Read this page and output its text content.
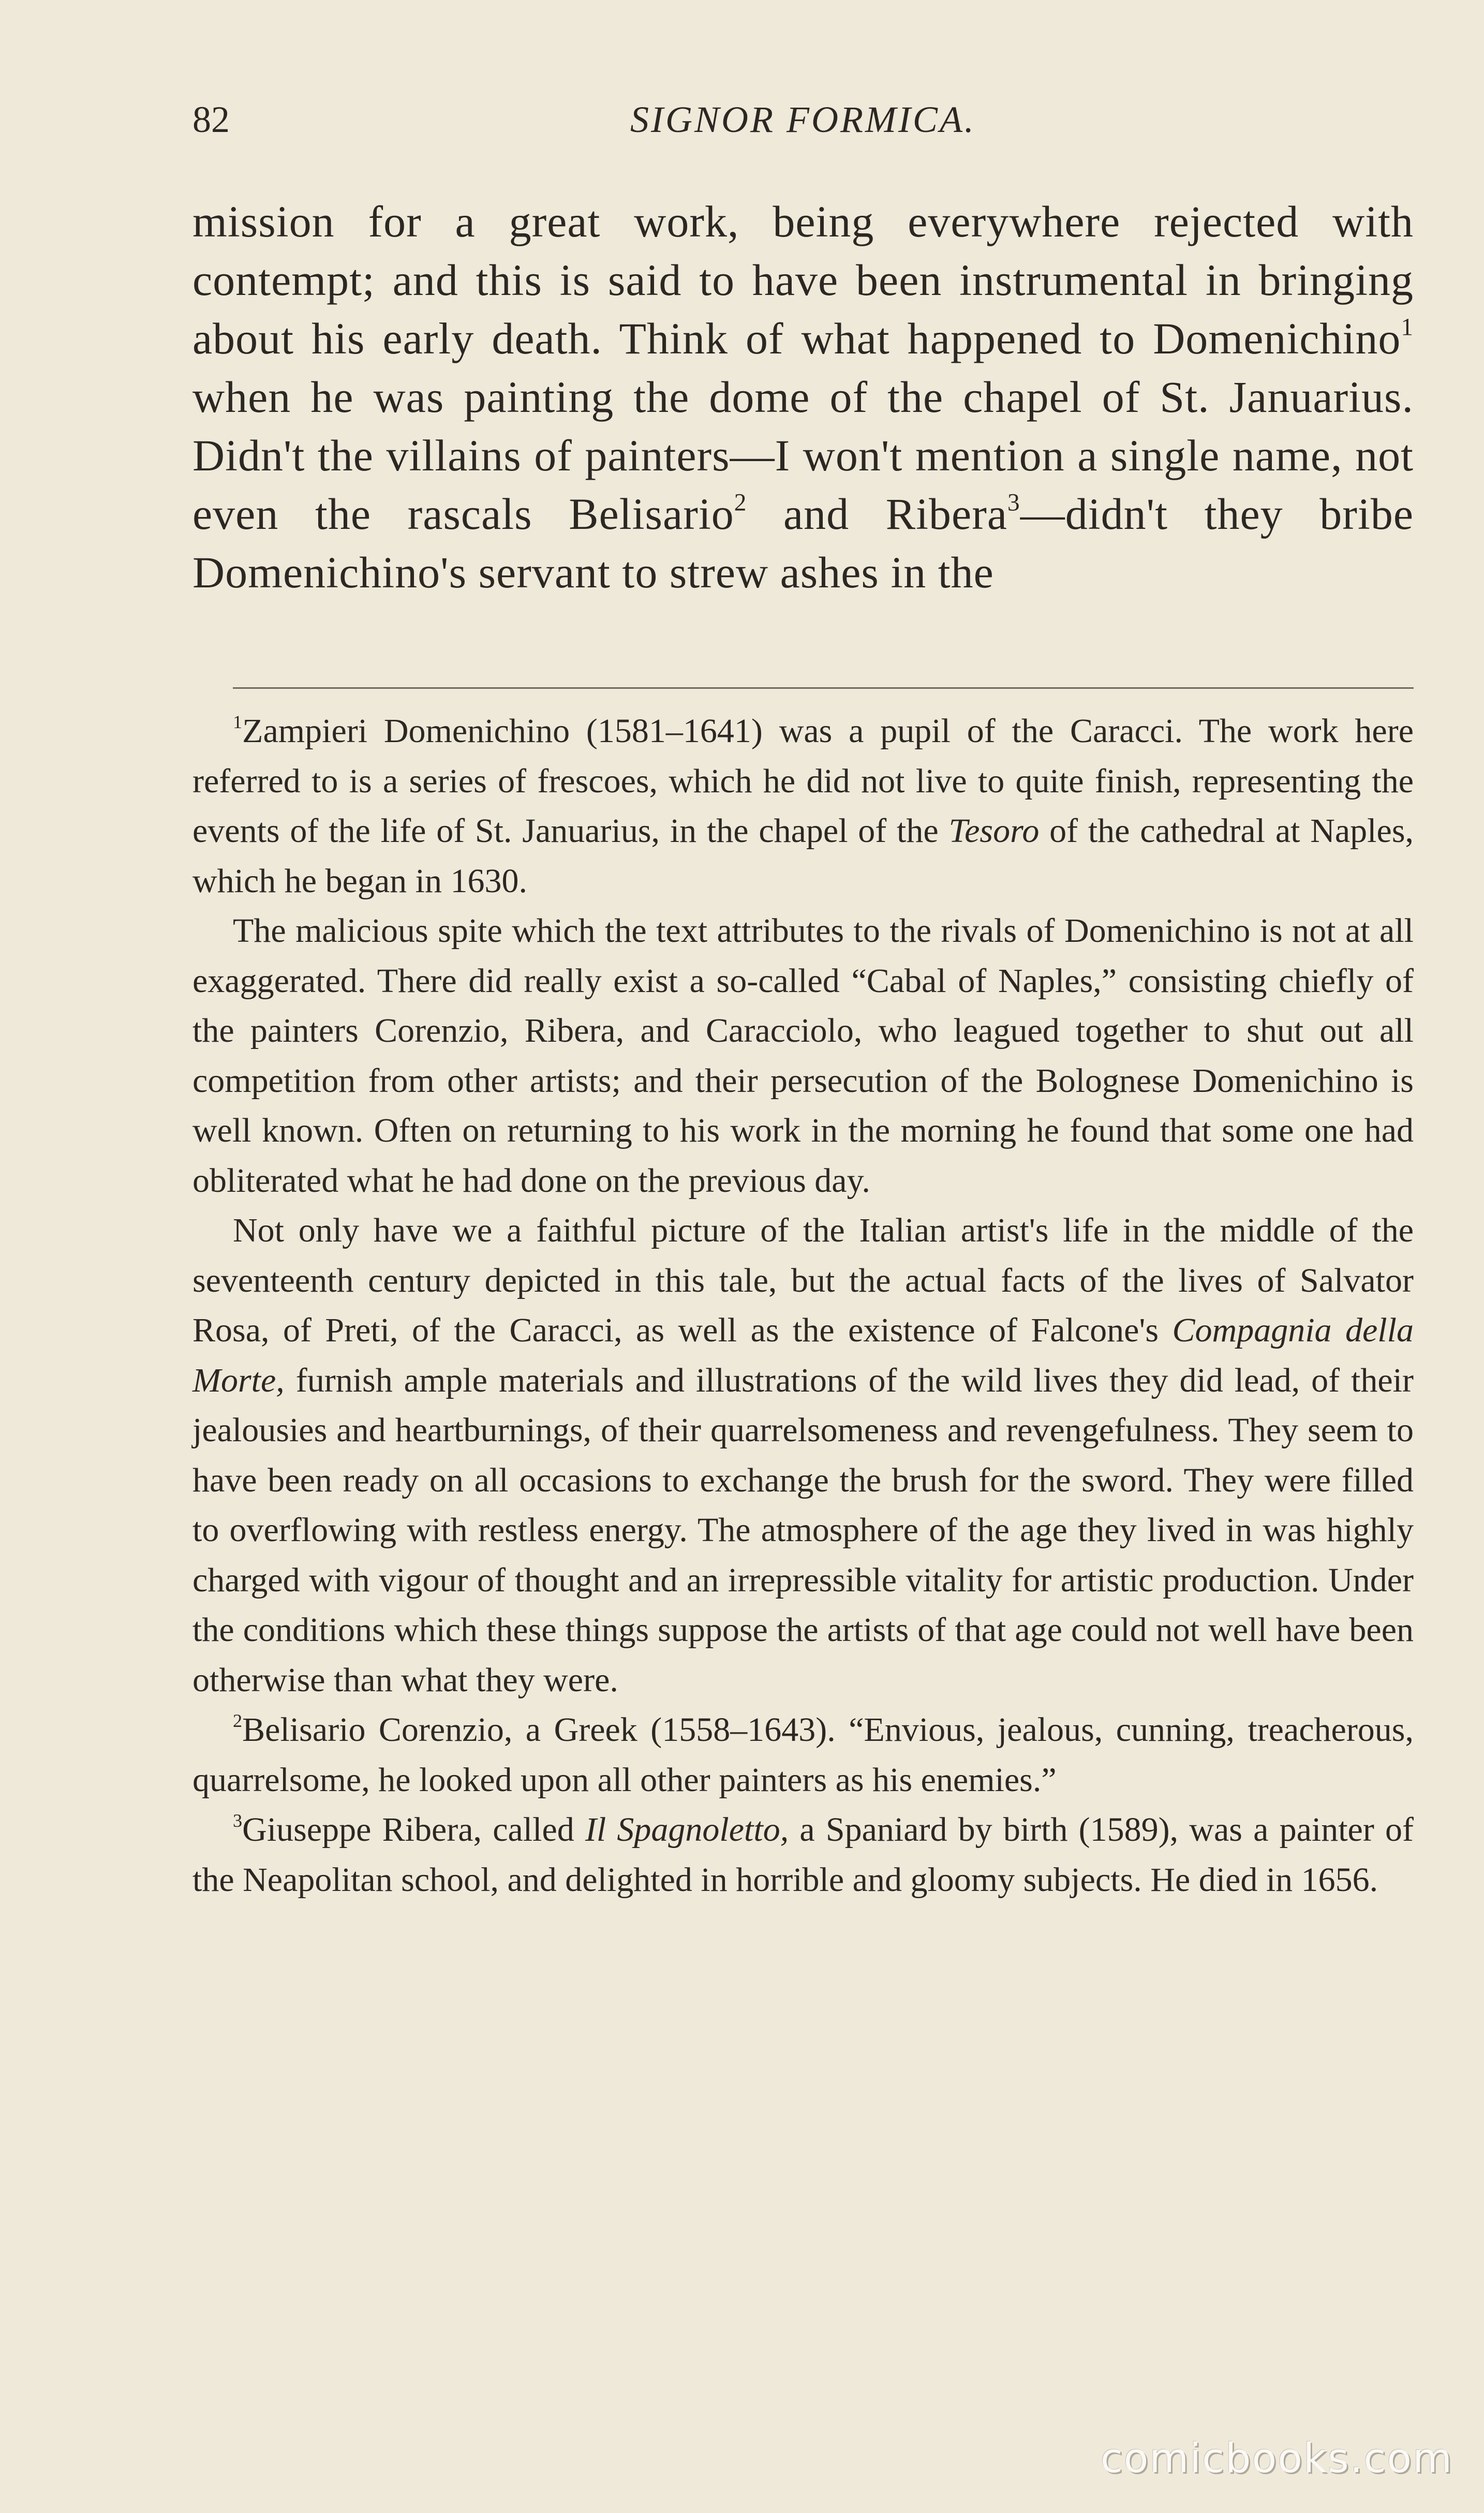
82	SIGNOR FORMICA.
mission for a great work, being everywhere rejected with contempt; and this is said to have been instrumental in bringing about his early death. Think of what happened to Domenichino$^1$ when he was painting the dome of the chapel of St. Januarius. Didn't the villains of painters—I won't mention a single name, not even the rascals Belisario$^2$ and Ribera$^3$—didn't they bribe Domenichino's servant to strew ashes in the

$^1$Zampieri Domenichino (1581–1641) was a pupil of the Caracci. The work here referred to is a series of frescoes, which he did not live to quite finish, representing the events of the life of St. Januarius, in the chapel of the Tesoro of the cathedral at Naples, which he began in 1630.

The malicious spite which the text attributes to the rivals of Domenichino is not at all exaggerated. There did really exist a so-called “Cabal of Naples,” consisting chiefly of the painters Corenzio, Ribera, and Caracciolo, who leagued together to shut out all competition from other artists; and their persecution of the Bolognese Domenichino is well known. Often on returning to his work in the morning he found that some one had obliterated what he had done on the previous day.

Not only have we a faithful picture of the Italian artist's life in the middle of the seventeenth century depicted in this tale, but the actual facts of the lives of Salvator Rosa, of Preti, of the Caracci, as well as the existence of Falcone's Compagnia della Morte, furnish ample materials and illustrations of the wild lives they did lead, of their jealousies and heartburnings, of their quarrelsomeness and revengefulness. They seem to have been ready on all occasions to exchange the brush for the sword. They were filled to overflowing with restless energy. The atmosphere of the age they lived in was highly charged with vigour of thought and an irrepressible vitality for artistic production. Under the conditions which these things suppose the artists of that age could not well have been otherwise than what they were.

$^2$Belisario Corenzio, a Greek (1558–1643). “Envious, jealous, cunning, treacherous, quarrelsome, he looked upon all other painters as his enemies.”

$^3$Giuseppe Ribera, called Il Spagnoletto, a Spaniard by birth (1589), was a painter of the Neapolitan school, and delighted in horrible and gloomy subjects. He died in 1656.

comicbooks.com
